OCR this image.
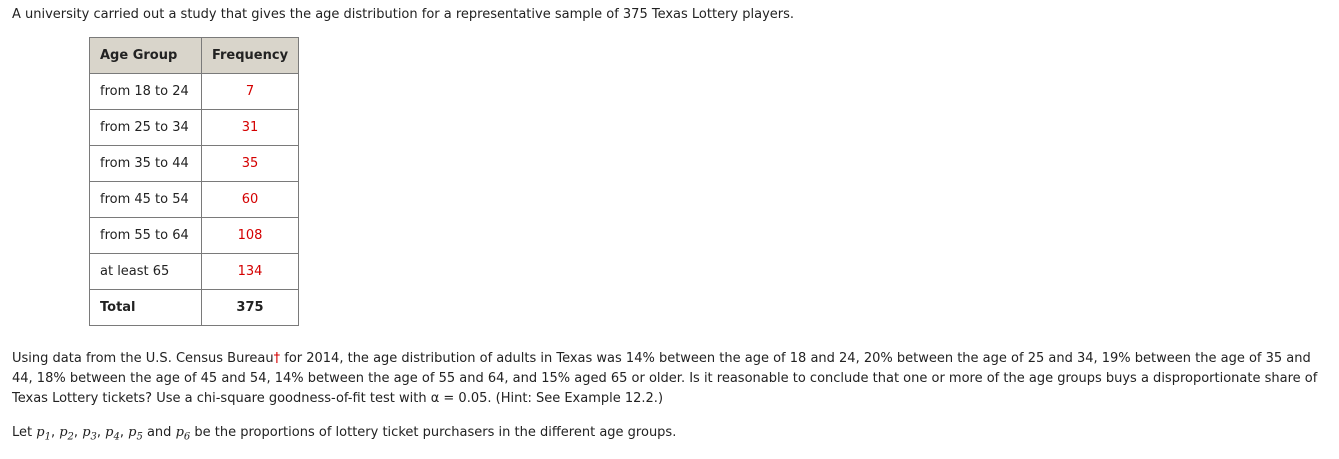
A university carried out a study that gives the age distribution for a representative sample of 375 Texas Lottery players.

Age Group	Frequency
from 18 to 24	7
from 25 to 34	31
from 35 to 44	35
from 45 to 54	60
from 55 to 64	108
at least 65	134
Total	375

Using data from the U.S. Census Bureau† for 2014, the age distribution of adults in Texas was 14% between the age of 18 and 24, 20% between the age of 25 and 34, 19% between the age of 35 and 44, 18% between the age of 45 and 54, 14% between the age of 55 and 64, and 15% aged 65 or older. Is it reasonable to conclude that one or more of the age groups buys a disproportionate share of Texas Lottery tickets? Use a chi-square goodness-of-fit test with α = 0.05. (Hint: See Example 12.2.)

Let $p_1$, $p_2$, $p_3$, $p_4$, $p_5$ and $p_6$ be the proportions of lottery ticket purchasers in the different age groups.
